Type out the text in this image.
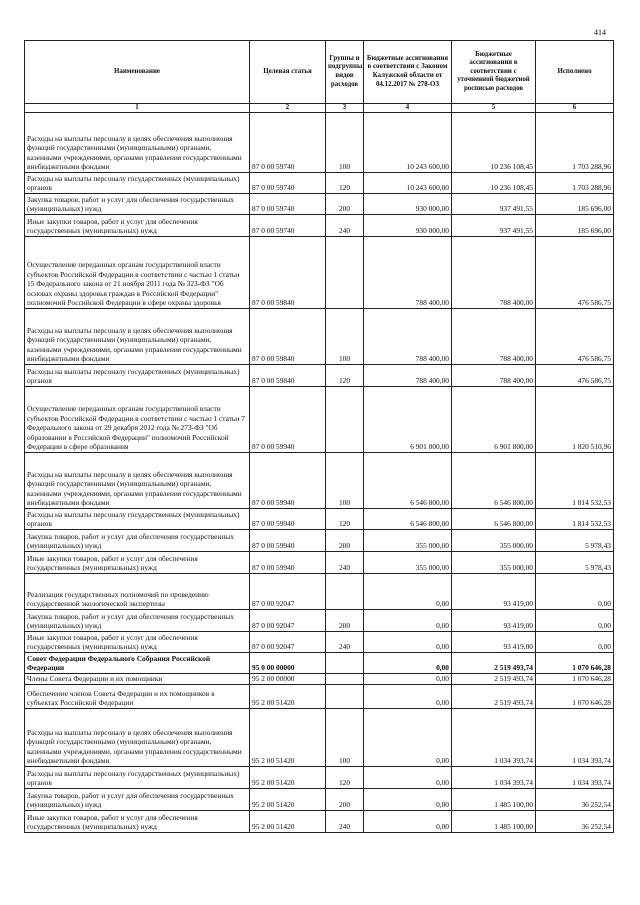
414
Наименование	Целевая статья	Группы и подгруппы видов расходов	Бюджетные ассигнования в соответствии с Законом Калужской области от 04.12.2017 № 278-ОЗ	Бюджетные ассигнования в соответствии с уточненной бюджетной росписью расходов	Исполнено
1	2	3	4	5	6
Расходы на выплаты персоналу в целях обеспечения выполнения функций государственными (муниципальными) органами, казенными учреждениями, органами управления государственными внебюджетными фондами	87 0 00 59740	100	10 243 600,00	10 236 108,45	1 703 288,96
Расходы на выплаты персоналу государственных (муниципальных) органов	87 0 00 59740	120	10 243 600,00	10 236 108,45	1 703 288,96
Закупка товаров, работ и услуг для обеспечения государственных (муниципальных) нужд	87 0 00 59740	200	930 000,00	937 491,55	185 696,00
Иные закупки товаров, работ и услуг для обеспечения государственных (муниципальных) нужд	87 0 00 59740	240	930 000,00	937 491,55	185 696,00
Осуществление переданных органам государственной власти субъектов Российской Федерации в соответствии с частью 1 статьи 15 Федерального закона от 21 ноября 2011 года № 323-ФЗ "Об основах охраны здоровья граждан в Российской Федерации" полномочий Российской Федерации в сфере охраны здоровья	87 0 00 59840		788 400,00	788 400,00	476 586,75
Расходы на выплаты персоналу в целях обеспечения выполнения функций государственными (муниципальными) органами, казенными учреждениями, органами управления государственными внебюджетными фондами	87 0 00 59840	100	788 400,00	788 400,00	476 586,75
Расходы на выплаты персоналу государственных (муниципальных) органов	87 0 00 59840	120	788 400,00	788 400,00	476 586,75
Осуществление переданных органам государственной власти субъектов Российской Федерации в соответствии с частью 1 статьи 7 Федерального закона от 29 декабря 2012 года № 273-ФЗ "Об образовании в Российской Федерации" полномочий Российской Федерации в сфере образования	87 0 00 59940		6 901 800,00	6 901 800,00	1 820 510,96
Расходы на выплаты персоналу в целях обеспечения выполнения функций государственными (муниципальными) органами, казенными учреждениями, органами управления государственными внебюджетными фондами	87 0 00 59940	100	6 546 800,00	6 546 800,00	1 814 532,53
Расходы на выплаты персоналу государственных (муниципальных) органов	87 0 00 59940	120	6 546 800,00	6 546 800,00	1 814 532,53
Закупка товаров, работ и услуг для обеспечения государственных (муниципальных) нужд	87 0 00 59940	200	355 000,00	355 000,00	5 978,43
Иные закупки товаров, работ и услуг для обеспечения государственных (муниципальных) нужд	87 0 00 59940	240	355 000,00	355 000,00	5 978,43
Реализация государственных полномочий по проведению государственной экологической экспертизы	87 0 00 92047		0,00	93 419,00	0,00
Закупка товаров, работ и услуг для обеспечения государственных (муниципальных) нужд	87 0 00 92047	200	0,00	93 419,00	0,00
Иные закупки товаров, работ и услуг для обеспечения государственных (муниципальных) нужд	87 0 00 92047	240	0,00	93 419,00	0,00
Совет Федерации Федерального Собрания Российской Федерации	95 0 00 00000		0,00	2 519 493,74	1 070 646,28
Члены Совета Федерации и их помощники	95 2 00 00000		0,00	2 519 493,74	1 070 646,28
Обеспечение членов Совета Федерации и их помощников в субъектах Российской Федерации	95 2 00 51420		0,00	2 519 493,74	1 070 646,28
Расходы на выплаты персоналу в целях обеспечения выполнения функций государственными (муниципальными) органами, казенными учреждениями, органами управления государственными внебюджетными фондами	95 2 00 51420	100	0,00	1 034 393,74	1 034 393,74
Расходы на выплаты персоналу государственных (муниципальных) органов	95 2 00 51420	120	0,00	1 034 393,74	1 034 393,74
Закупка товаров, работ и услуг для обеспечения государственных (муниципальных) нужд	95 2 00 51420	200	0,00	1 485 100,00	36 252,54
Иные закупки товаров, работ и услуг для обеспечения государственных (муниципальных) нужд	95 2 00 51420	240	0,00	1 485 100,00	36 252,54
